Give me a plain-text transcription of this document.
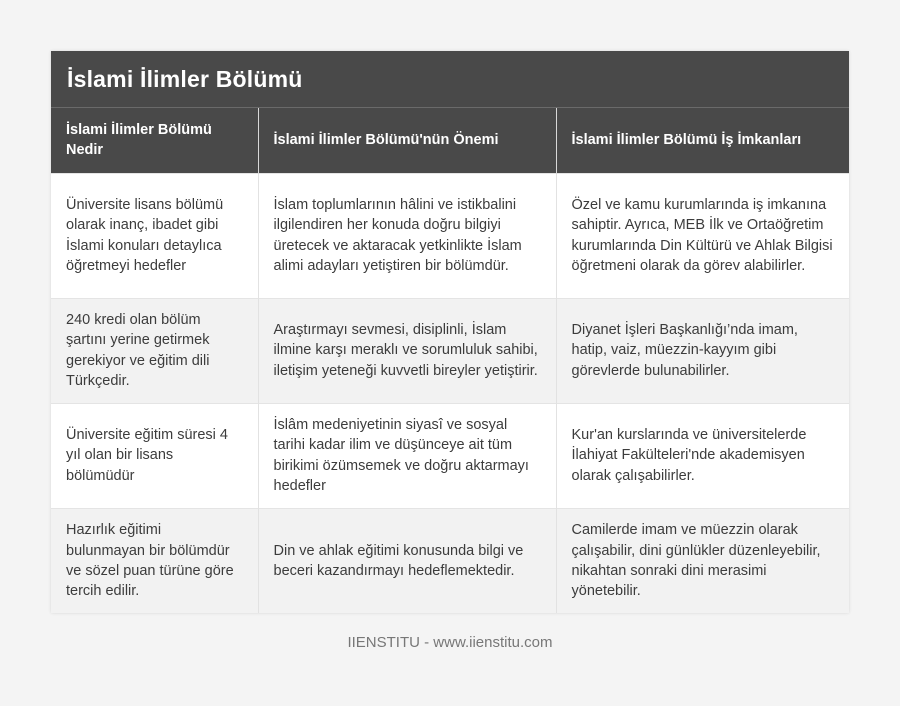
İslami İlimler Bölümü
İslami İlimler Bölümü Nedir	İslami İlimler Bölümü'nün Önemi	İslami İlimler Bölümü İş İmkanları
Üniversite lisans bölümü olarak inanç, ibadet gibi İslami konuları detaylıca öğretmeyi hedefler	İslam toplumlarının hâlini ve istikbalini ilgilendiren her konuda doğru bilgiyi üretecek ve aktaracak yetkinlikte İslam alimi adayları yetiştiren bir bölümdür.	Özel ve kamu kurumlarında iş imkanına sahiptir. Ayrıca, MEB İlk ve Ortaöğretim kurumlarında Din Kültürü ve Ahlak Bilgisi öğretmeni olarak da görev alabilirler.
240 kredi olan bölüm şartını yerine getirmek gerekiyor ve eğitim dili Türkçedir.	Araştırmayı sevmesi, disiplinli, İslam ilmine karşı meraklı ve sorumluluk sahibi, iletişim yeteneği kuvvetli bireyler yetiştirir.	Diyanet İşleri Başkanlığı’nda imam, hatip, vaiz, müezzin-kayyım gibi görevlerde bulunabilirler.
Üniversite eğitim süresi 4 yıl olan bir lisans bölümüdür	İslâm medeniyetinin siyasî ve sosyal tarihi kadar ilim ve düşünceye ait tüm birikimi özümsemek ve doğru aktarmayı hedefler	Kur'an kurslarında ve üniversitelerde İlahiyat Fakülteleri'nde akademisyen olarak çalışabilirler.
Hazırlık eğitimi bulunmayan bir bölümdür ve sözel puan türüne göre tercih edilir.	Din ve ahlak eğitimi konusunda bilgi ve beceri kazandırmayı hedeflemektedir.	Camilerde imam ve müezzin olarak çalışabilir, dini günlükler düzenleyebilir, nikahtan sonraki dini merasimi yönetebilir.
IIENSTITU - www.iienstitu.com
